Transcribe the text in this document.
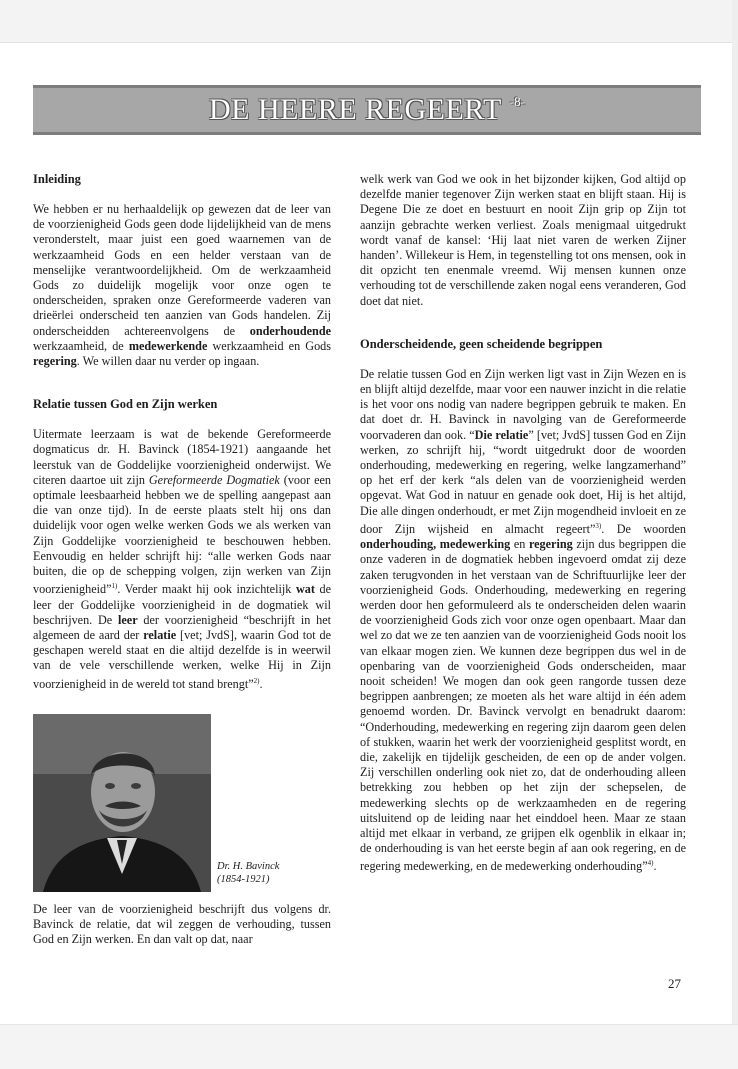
DE HEERE REGEERT -8-
Inleiding

We hebben er nu herhaaldelijk op gewezen dat de leer van de voorzienigheid Gods geen dode lijdelijkheid van de mens veronderstelt, maar juist een goed waarnemen van de werkzaamheid Gods en een helder verstaan van de menselijke verantwoordelijkheid. Om de werkzaamheid Gods zo duidelijk mogelijk voor onze ogen te onderscheiden, spraken onze Gereformeerde vaderen van drieërlei onderscheid ten aanzien van Gods handelen. Zij onderscheidden achtereenvolgens de onderhoudende werkzaamheid, de medewerkende werkzaamheid en Gods regering. We willen daar nu verder op ingaan.

Relatie tussen God en Zijn werken

Uitermate leerzaam is wat de bekende Gereformeerde dogmaticus dr. H. Bavinck (1854-1921) aangaande het leerstuk van de Goddelijke voorzienigheid onderwijst. We citeren daartoe uit zijn Gereformeerde Dogmatiek (voor een optimale leesbaarheid hebben we de spelling aangepast aan die van onze tijd). In de eerste plaats stelt hij ons dan duidelijk voor ogen welke werken Gods we als werken van Zijn Goddelijke voorzienigheid te beschouwen hebben. Eenvoudig en helder schrijft hij: “alle werken Gods naar buiten, die op de schepping volgen, zijn werken van Zijn voorzienigheid”$^{1)}$. Verder maakt hij ook inzichtelijk wat de leer der Goddelijke voorzienigheid in de dogmatiek wil beschrijven. De leer der voorzienigheid “beschrijft in het algemeen de aard der relatie [vet; JvdS], waarin God tot de geschapen wereld staat en die altijd dezelfde is in weerwil van de vele verschillende werken, welke Hij in Zijn voorzienigheid in de wereld tot stand brengt”$^{2)}$.

Dr. H. Bavinck
(1854-1921)

De leer van de voorzienigheid beschrijft dus volgens dr. Bavinck de relatie, dat wil zeggen de verhouding, tussen God en Zijn werken. En dan valt op dat, naar

welk werk van God we ook in het bijzonder kijken, God altijd op dezelfde manier tegenover Zijn werken staat en blijft staan. Hij is Degene Die ze doet en bestuurt en nooit Zijn grip op Zijn tot aanzijn gebrachte werken verliest. Zoals menigmaal uitgedrukt wordt vanaf de kansel: ‘Hij laat niet varen de werken Zijner handen’. Willekeur is Hem, in tegenstelling tot ons mensen, ook in dit opzicht ten enenmale vreemd. Wij mensen kunnen onze verhouding tot de verschillende zaken nogal eens veranderen, God doet dat niet.

Onderscheidende, geen scheidende begrippen

De relatie tussen God en Zijn werken ligt vast in Zijn Wezen en is en blijft altijd dezelfde, maar voor een nauwer inzicht in die relatie is het voor ons nodig van nadere begrippen gebruik te maken. En dat doet dr. H. Bavinck in navolging van de Gereformeerde voorvaderen dan ook. “Die relatie” [vet; JvdS] tussen God en Zijn werken, zo schrijft hij, “wordt uitgedrukt door de woorden onderhouding, medewerking en regering, welke langzamerhand” op het erf der kerk “als delen van de voorzienigheid werden opgevat. Wat God in natuur en genade ook doet, Hij is het altijd, Die alle dingen onderhoudt, er met Zijn mogendheid invloeit en ze door Zijn wijsheid en almacht regeert”$^{3)}$. De woorden onderhouding, medewerking en regering zijn dus begrippen die onze vaderen in de dogmatiek hebben ingevoerd omdat zij deze zaken terugvonden in het verstaan van de Schriftuurlijke leer der voorzienigheid Gods. Onderhouding, medewerking en regering werden door hen geformuleerd als te onderscheiden delen waarin de voorzienigheid Gods zich voor onze ogen openbaart. Maar dan wel zo dat we ze ten aanzien van de voorzienigheid Gods nooit los van elkaar mogen zien. We kunnen deze begrippen dus wel in de openbaring van de voorzienigheid Gods onderscheiden, maar nooit scheiden! We mogen dan ook geen rangorde tussen deze begrippen aanbrengen; ze moeten als het ware altijd in één adem genoemd worden. Dr. Bavinck vervolgt en benadrukt daarom: “Onderhouding, medewerking en regering zijn daarom geen delen of stukken, waarin het werk der voorzienigheid gesplitst wordt, en die, zakelijk en tijdelijk gescheiden, de een op de ander volgen. Zij verschillen onderling ook niet zo, dat de onderhouding alleen betrekking zou hebben op het zijn der schepselen, de medewerking slechts op de werkzaamheden en de regering uitsluitend op de leiding naar het einddoel heen. Maar ze staan altijd met elkaar in verband, ze grijpen elk ogenblik in elkaar in; de onderhouding is van het eerste begin af aan ook regering, en de regering medewerking, en de medewerking onderhouding”$^{4)}$.

27
